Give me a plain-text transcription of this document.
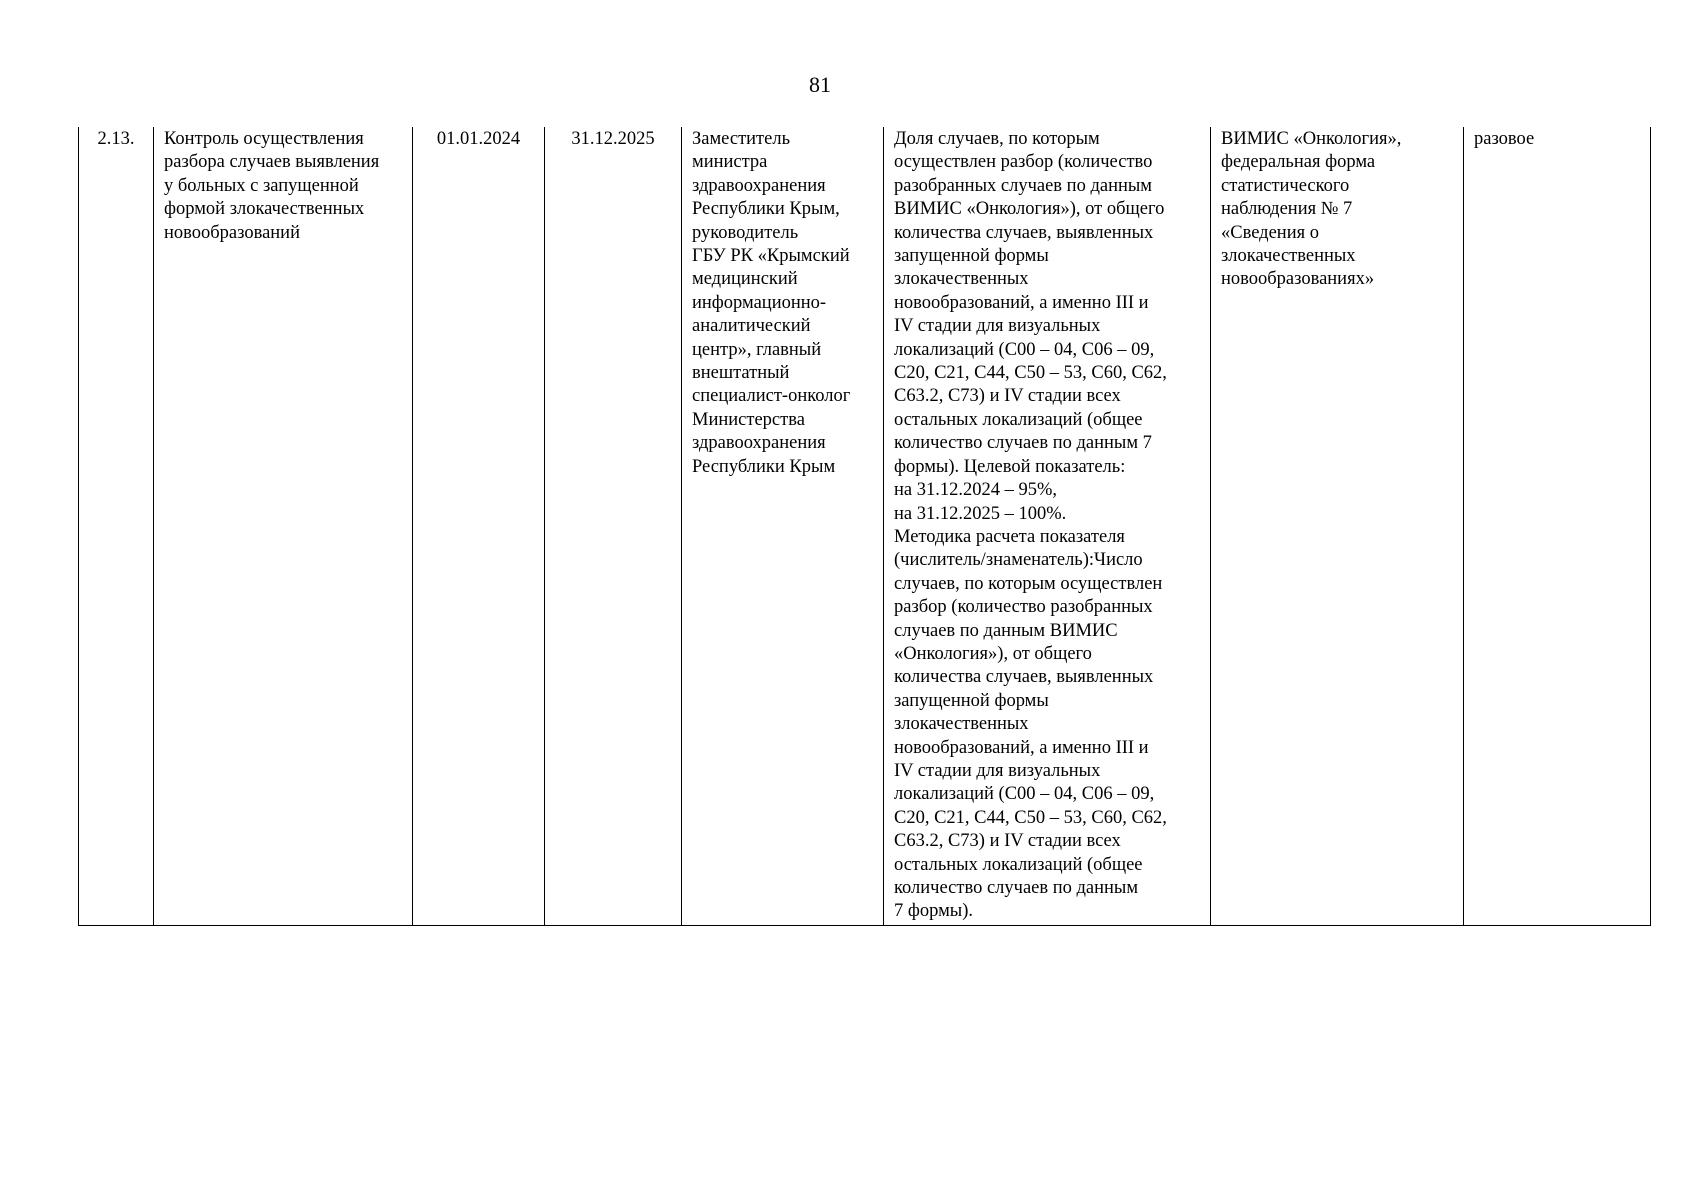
81
2.13.	Контроль осуществления
разбора случаев выявления
у больных с запущенной
формой злокачественных
новообразований	01.01.2024	31.12.2025	Заместитель
министра
здравоохранения
Республики Крым,
руководитель
ГБУ РК «Крымский
медицинский
информационно-
аналитический
центр», главный
внештатный
специалист-онколог
Министерства
здравоохранения
Республики Крым	Доля случаев, по которым
осуществлен разбор (количество
разобранных случаев по данным
ВИМИС «Онкология»), от общего
количества случаев, выявленных
запущенной формы
злокачественных
новообразований, а именно III и
IV стадии для визуальных
локализаций (С00 – 04, С06 – 09,
С20, С21, С44, С50 – 53, С60, С62,
С63.2, С73) и IV стадии всех
остальных локализаций (общее
количество случаев по данным 7
формы). Целевой показатель:
на 31.12.2024 – 95%,
на 31.12.2025 – 100%.
Методика расчета показателя
(числитель/знаменатель):Число
случаев, по которым осуществлен
разбор (количество разобранных
случаев по данным ВИМИС
«Онкология»), от общего
количества случаев, выявленных
запущенной формы
злокачественных
новообразований, а именно III и
IV стадии для визуальных
локализаций (С00 – 04, С06 – 09,
С20, С21, С44, С50 – 53, С60, С62,
С63.2, С73) и IV стадии всех
остальных локализаций (общее
количество случаев по данным
7 формы).	ВИМИС «Онкология»,
федеральная форма
статистического
наблюдения № 7
«Сведения о
злокачественных
новообразованиях»	разовое
